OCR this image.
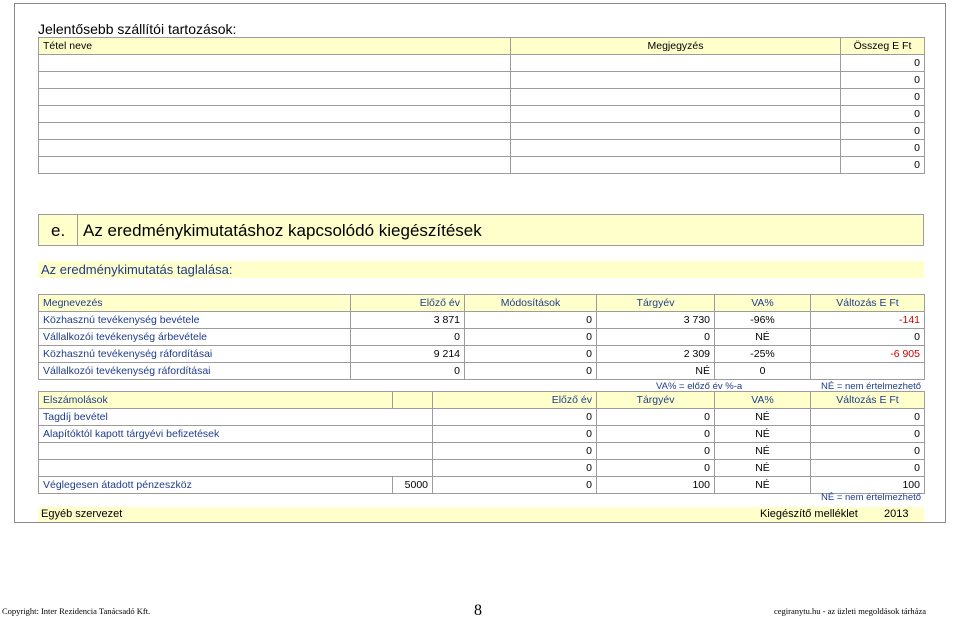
Jelentősebb szállítói tartozások:
Tétel neve	Megjegyzés	Összeg E Ft
		0
		0
		0
		0
		0
		0
		0
e. Az eredménykimutatáshoz kapcsolódó kiegészítések
Az eredménykimutatás taglalása:
Megnevezés	Előző év	Módosítások	Tárgyév	VA%	Változás E Ft
Közhasznú tevékenység bevétele	3 871	0	3 730	-96%	-141
Vállalkozói tevékenység árbevétele	0	0	0	NÉ	0
Közhasznú tevékenység ráfordításai	9 214	0	2 309	-25%	-6 905
Vállalkozói tevékenység ráfordításai	0	0	NÉ	0	
VA% = előző év %-a	NÉ = nem értelmezhető
Elszámolások		Előző év	Tárgyév	VA%	Változás E Ft
Tagdíj bevétel		0	0	NÉ	0
Alapítóktól kapott tárgyévi befizetések		0	0	NÉ	0
		0	0	NÉ	0
		0	0	NÉ	0
Véglegesen átadott pénzeszköz	5000	0	100	NÉ	100
NÉ = nem értelmezhető
Egyéb szervezet	Kiegészítő melléklet 2013
Copyright: Inter Rezidencia Tanácsadó Kft.	8	cegiranytu.hu - az üzleti megoldások tárháza
